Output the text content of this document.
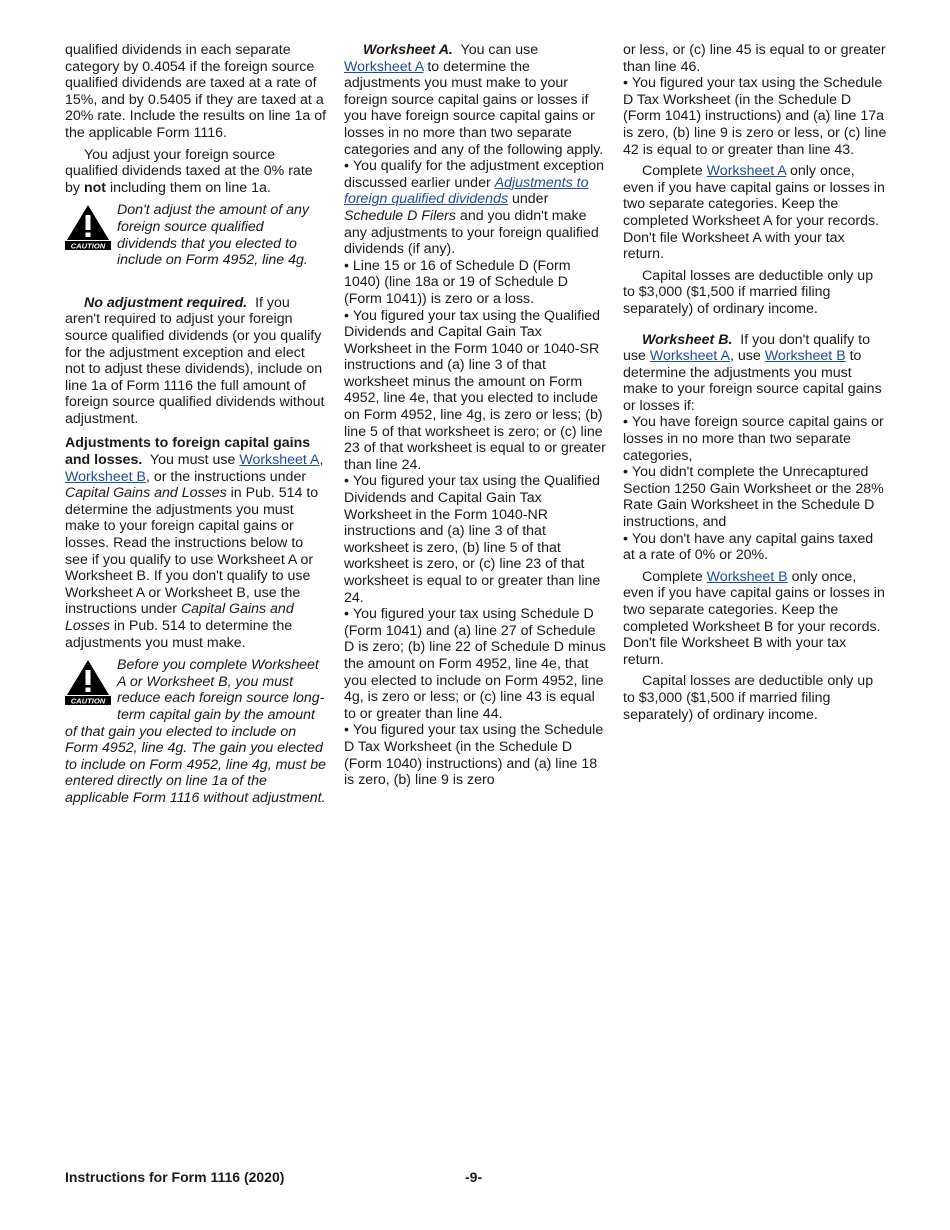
qualified dividends in each separate category by 0.4054 if the foreign source qualified dividends are taxed at a rate of 15%, and by 0.5405 if they are taxed at a 20% rate. Include the results on line 1a of the applicable Form 1116.

You adjust your foreign source qualified dividends taxed at the 0% rate by not including them on line 1a.

CAUTION
Don't adjust the amount of any foreign source qualified dividends that you elected to include on Form 4952, line 4g.

No adjustment required. If you aren't required to adjust your foreign source qualified dividends (or you qualify for the adjustment exception and elect not to adjust these dividends), include on line 1a of Form 1116 the full amount of foreign source qualified dividends without adjustment.

Adjustments to foreign capital gains and losses. You must use Worksheet A, Worksheet B, or the instructions under Capital Gains and Losses in Pub. 514 to determine the adjustments you must make to your foreign capital gains or losses. Read the instructions below to see if you qualify to use Worksheet A or Worksheet B. If you don't qualify to use Worksheet A or Worksheet B, use the instructions under Capital Gains and Losses in Pub. 514 to determine the adjustments you must make.

CAUTION
Before you complete Worksheet A or Worksheet B, you must reduce each foreign source long-term capital gain by the amount of that gain you elected to include on Form 4952, line 4g. The gain you elected to include on Form 4952, line 4g, must be entered directly on line 1a of the applicable Form 1116 without adjustment.

Worksheet A. You can use Worksheet A to determine the adjustments you must make to your foreign source capital gains or losses if you have foreign source capital gains or losses in no more than two separate categories and any of the following apply.

• You qualify for the adjustment exception discussed earlier under Adjustments to foreign qualified dividends under Schedule D Filers and you didn't make any adjustments to your foreign qualified dividends (if any).

• Line 15 or 16 of Schedule D (Form 1040) (line 18a or 19 of Schedule D (Form 1041)) is zero or a loss.

• You figured your tax using the Qualified Dividends and Capital Gain Tax Worksheet in the Form 1040 or 1040-SR instructions and (a) line 3 of that worksheet minus the amount on Form 4952, line 4e, that you elected to include on Form 4952, line 4g, is zero or less; (b) line 5 of that worksheet is zero; or (c) line 23 of that worksheet is equal to or greater than line 24.

• You figured your tax using the Qualified Dividends and Capital Gain Tax Worksheet in the Form 1040-NR instructions and (a) line 3 of that worksheet is zero, (b) line 5 of that worksheet is zero, or (c) line 23 of that worksheet is equal to or greater than line 24.

• You figured your tax using Schedule D (Form 1041) and (a) line 27 of Schedule D is zero; (b) line 22 of Schedule D minus the amount on Form 4952, line 4e, that you elected to include on Form 4952, line 4g, is zero or less; or (c) line 43 is equal to or greater than line 44.

• You figured your tax using the Schedule D Tax Worksheet (in the Schedule D (Form 1040) instructions) and (a) line 18 is zero, (b) line 9 is zero

or less, or (c) line 45 is equal to or greater than line 46.

• You figured your tax using the Schedule D Tax Worksheet (in the Schedule D (Form 1041) instructions) and (a) line 17a is zero, (b) line 9 is zero or less, or (c) line 42 is equal to or greater than line 43.

Complete Worksheet A only once, even if you have capital gains or losses in two separate categories. Keep the completed Worksheet A for your records. Don't file Worksheet A with your tax return.

Capital losses are deductible only up to $3,000 ($1,500 if married filing separately) of ordinary income.

Worksheet B. If you don't qualify to use Worksheet A, use Worksheet B to determine the adjustments you must make to your foreign source capital gains or losses if:

• You have foreign source capital gains or losses in no more than two separate categories,

• You didn't complete the Unrecaptured Section 1250 Gain Worksheet or the 28% Rate Gain Worksheet in the Schedule D instructions, and

• You don't have any capital gains taxed at a rate of 0% or 20%.

Complete Worksheet B only once, even if you have capital gains or losses in two separate categories. Keep the completed Worksheet B for your records. Don't file Worksheet B with your tax return.

Capital losses are deductible only up to $3,000 ($1,500 if married filing separately) of ordinary income.

Instructions for Form 1116 (2020)	-9-
